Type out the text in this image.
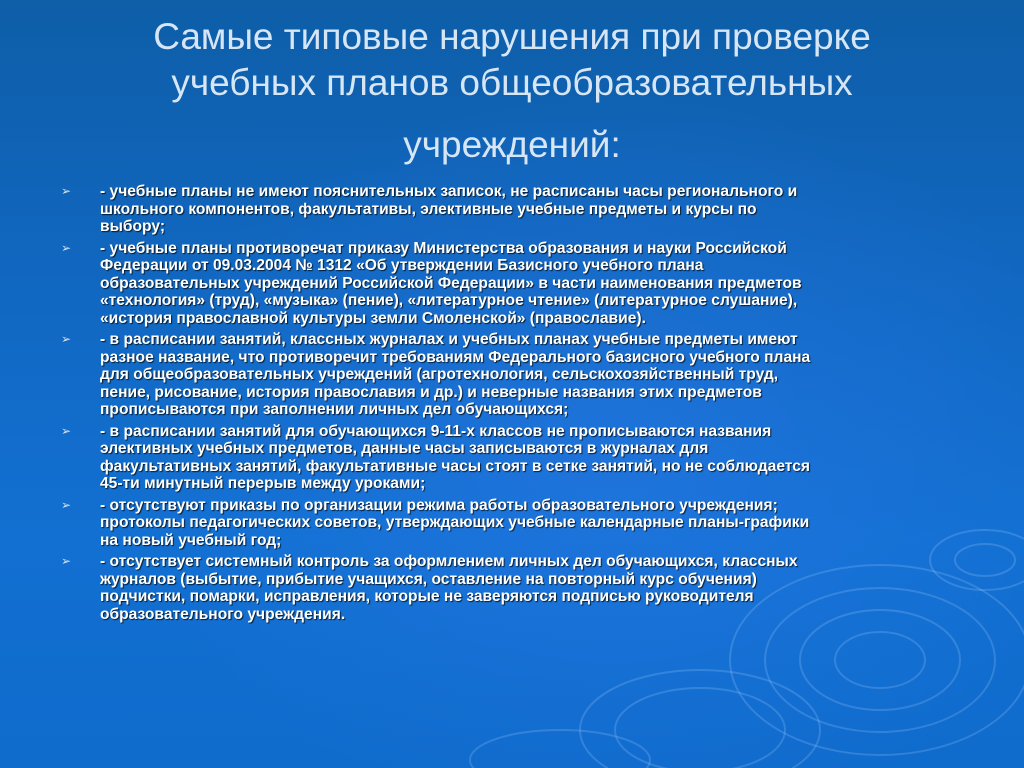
Самые типовые нарушения при проверке
учебных планов общеобразовательных
учреждений:
➢ - учебные планы не имеют пояснительных записок, не расписаны часы регионального и
школьного компонентов, факультативы, элективные учебные предметы и курсы по
выбору;
➢ - учебные планы противоречат приказу Министерства образования и науки Российской
Федерации от 09.03.2004 № 1312 «Об утверждении Базисного учебного плана
образовательных учреждений Российской Федерации» в части наименования предметов
«технология» (труд), «музыка» (пение), «литературное чтение» (литературное слушание),
«история православной культуры земли Смоленской» (православие).
➢ - в расписании занятий, классных журналах и учебных планах учебные предметы имеют
разное название, что противоречит требованиям Федерального базисного учебного плана
для общеобразовательных учреждений (агротехнология, сельскохозяйственный труд,
пение, рисование, история православия и др.) и неверные названия этих предметов
прописываются при заполнении личных дел обучающихся;
➢ - в расписании занятий для обучающихся 9-11-х классов не прописываются названия
элективных учебных предметов, данные часы записываются в журналах для
факультативных занятий, факультативные часы стоят в сетке занятий, но не соблюдается
45-ти минутный перерыв между уроками;
➢ - отсутствуют приказы по организации режима работы образовательного учреждения;
протоколы педагогических советов, утверждающих учебные календарные планы-графики
на новый учебный год;
➢ - отсутствует системный контроль за оформлением личных дел обучающихся, классных
журналов (выбытие, прибытие учащихся, оставление на повторный курс обучения)
подчистки, помарки, исправления, которые не заверяются подписью руководителя
образовательного учреждения.
